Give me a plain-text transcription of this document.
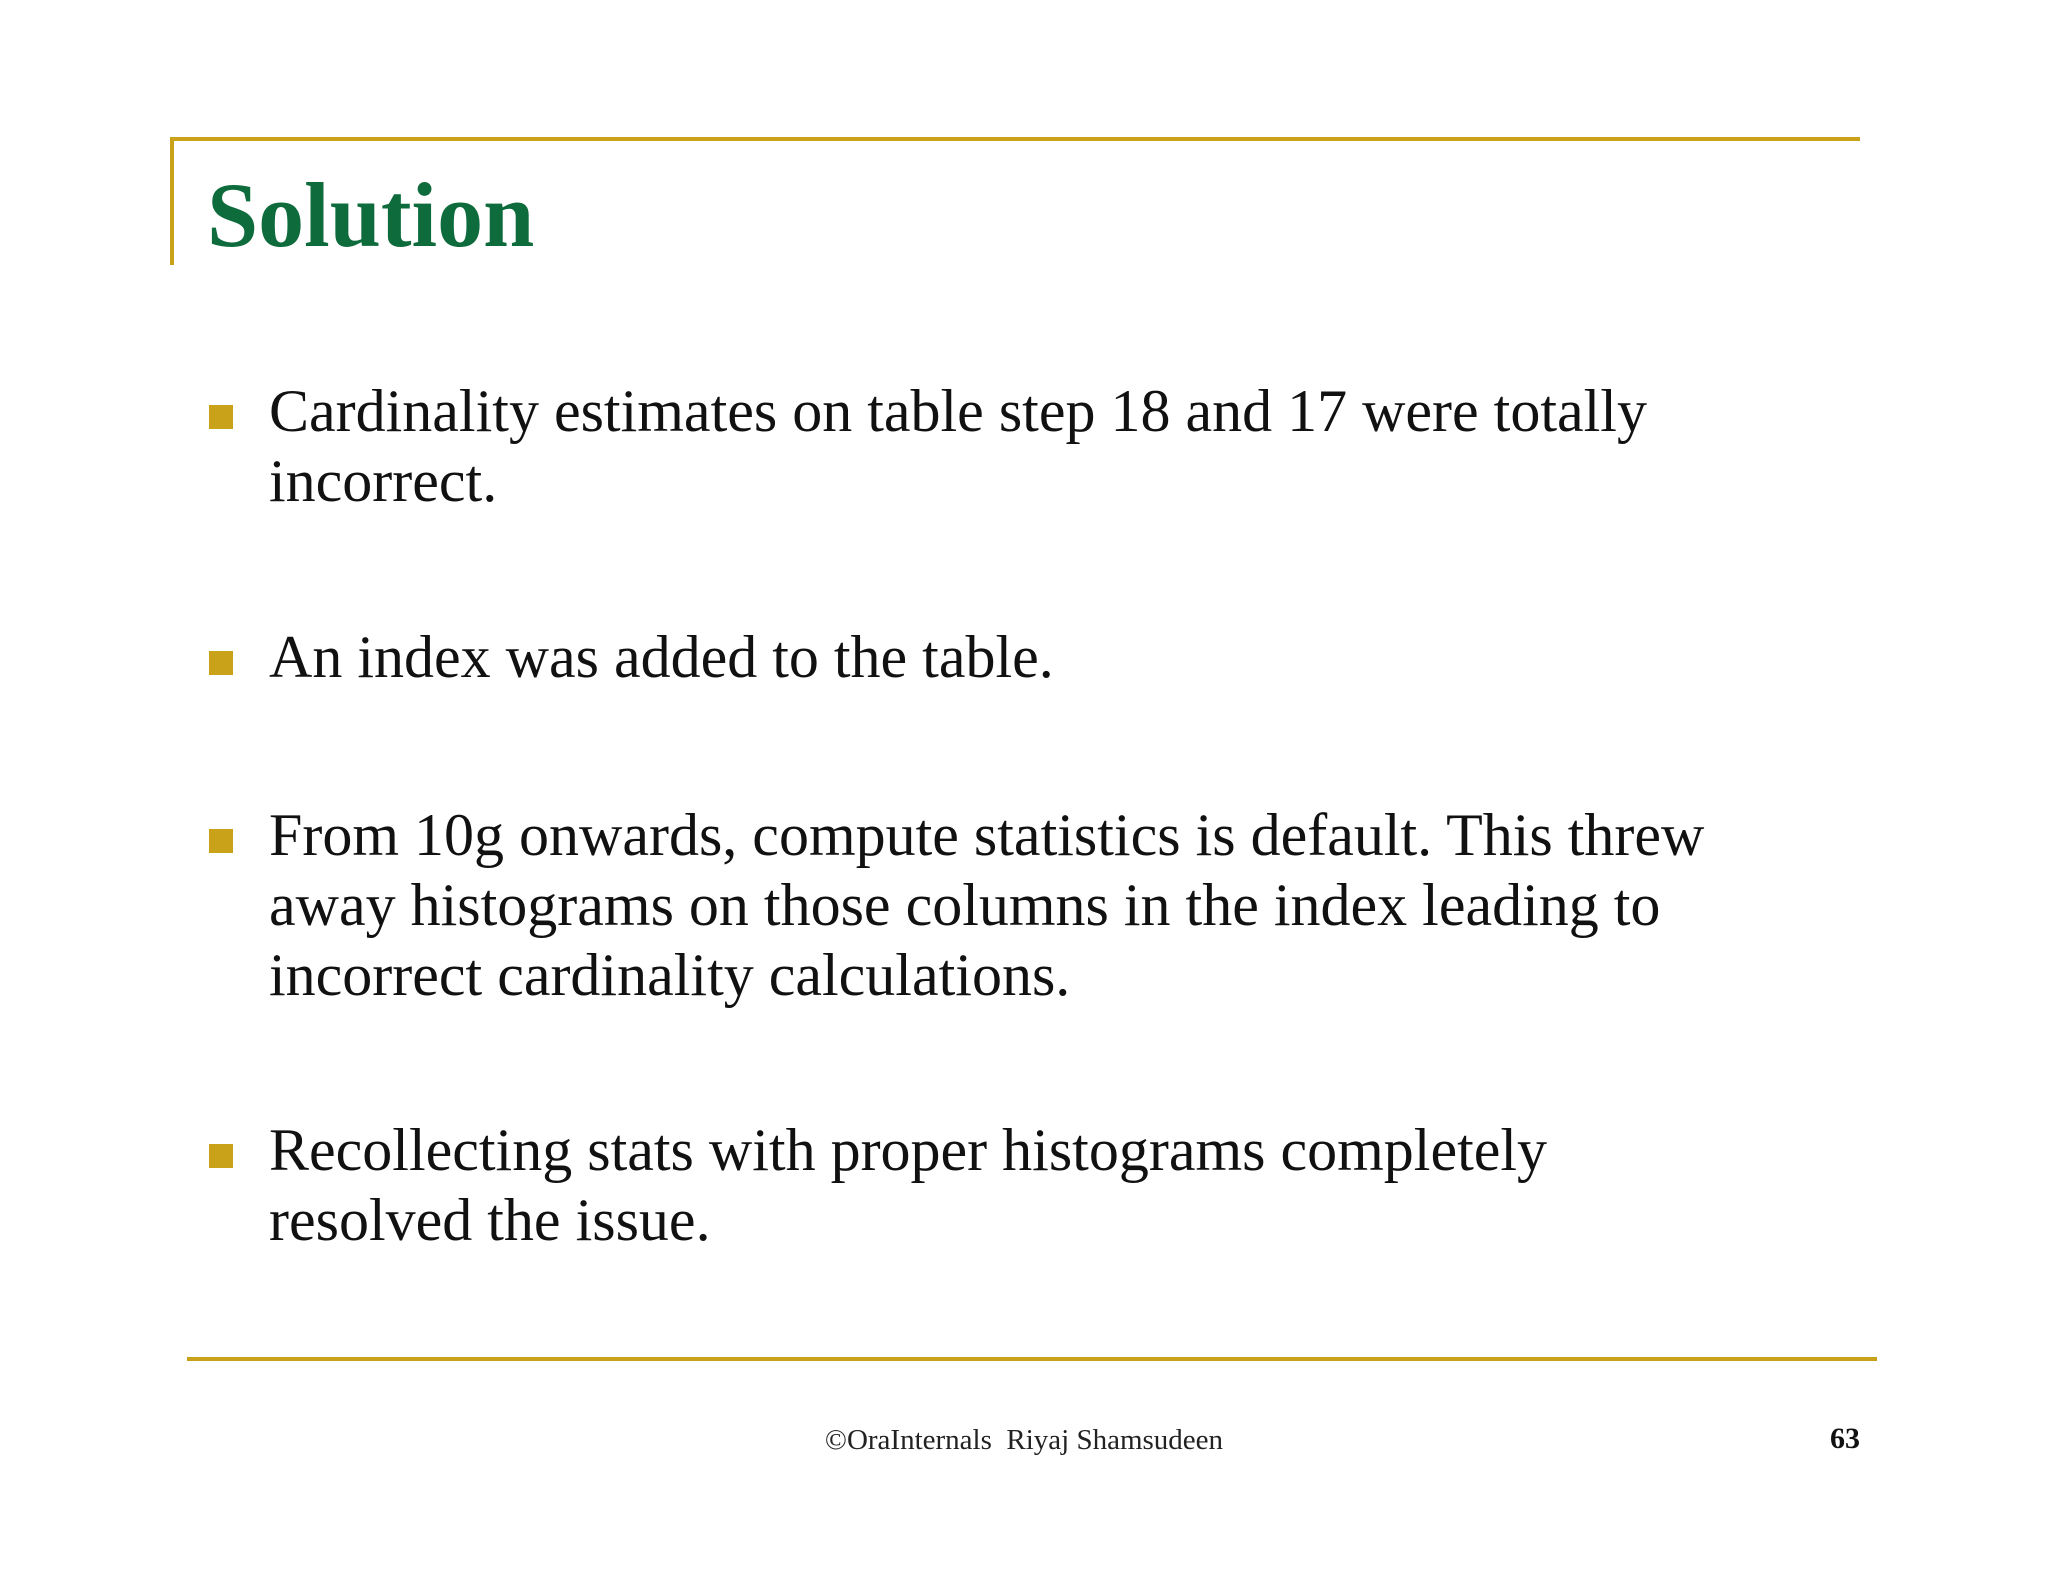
Solution
Cardinality estimates on table step 18 and 17 were totally incorrect.
An index was added to the table.
From 10g onwards, compute statistics is default. This threw away histograms on those columns in the index leading to incorrect cardinality calculations.
Recollecting stats with proper histograms completely resolved the issue.
©OraInternals  Riyaj Shamsudeen	63
